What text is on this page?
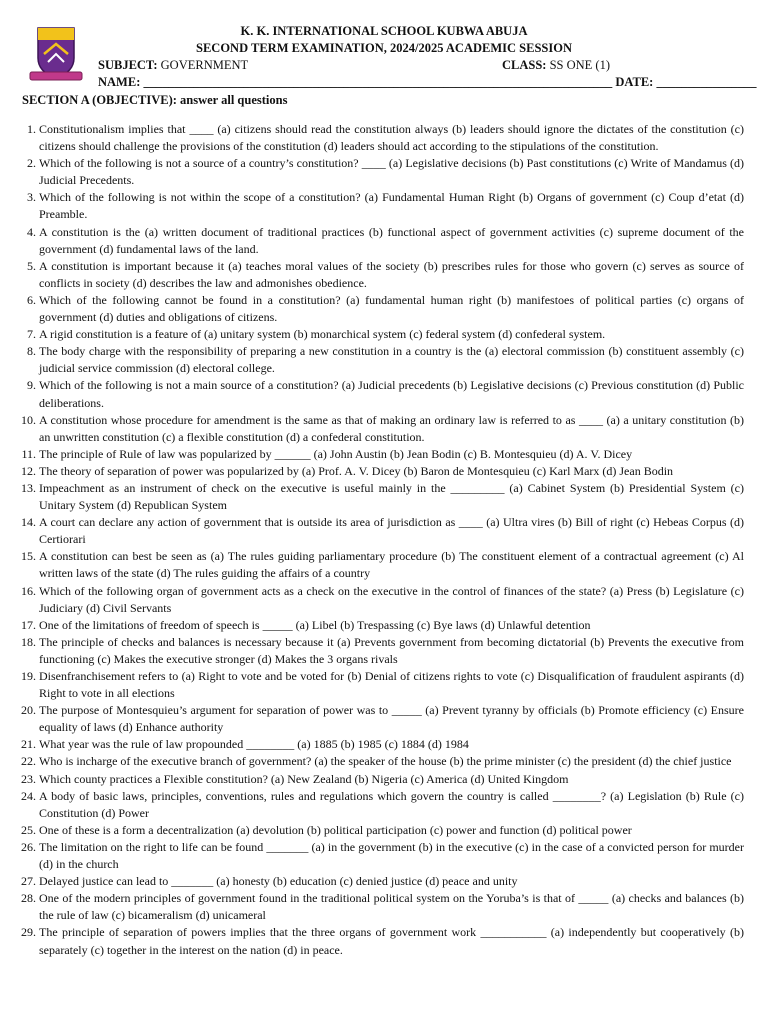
K. K. INTERNATIONAL SCHOOL KUBWA ABUJA
SECOND TERM EXAMINATION, 2024/2025 ACADEMIC SESSION
SUBJECT: GOVERNMENT	CLASS: SS ONE (1)
NAME: ___________________________________________________________________________ DATE: ________________
SECTION A (OBJECTIVE): answer all questions
1. Constitutionalism implies that ____ (a) citizens should read the constitution always (b) leaders should ignore the dictates of the constitution (c) citizens should challenge the provisions of the constitution (d) leaders should act according to the stipulations of the constitution.
2. Which of the following is not a source of a country’s constitution? ____ (a) Legislative decisions (b) Past constitutions (c) Write of Mandamus (d) Judicial Precedents.
3. Which of the following is not within the scope of a constitution? (a) Fundamental Human Right (b) Organs of government (c) Coup d’etat (d) Preamble.
4. A constitution is the (a) written document of traditional practices (b) functional aspect of government activities (c) supreme document of the government (d) fundamental laws of the land.
5. A constitution is important because it (a) teaches moral values of the society (b) prescribes rules for those who govern (c) serves as source of conflicts in society (d) describes the law and admonishes obedience.
6. Which of the following cannot be found in a constitution? (a) fundamental human right (b) manifestoes of political parties (c) organs of government (d) duties and obligations of citizens.
7. A rigid constitution is a feature of (a) unitary system (b) monarchical system (c) federal system (d) confederal system.
8. The body charge with the responsibility of preparing a new constitution in a country is the (a) electoral commission (b) constituent assembly (c) judicial service commission (d) electoral college.
9. Which of the following is not a main source of a constitution? (a) Judicial precedents (b) Legislative decisions (c) Previous constitution (d) Public deliberations.
10. A constitution whose procedure for amendment is the same as that of making an ordinary law is referred to as ____ (a) a unitary constitution (b) an unwritten constitution (c) a flexible constitution (d) a confederal constitution.
11. The principle of Rule of law was popularized by ______ (a) John Austin (b) Jean Bodin (c) B. Montesquieu (d) A. V. Dicey
12. The theory of separation of power was popularized by (a) Prof. A. V. Dicey (b) Baron de Montesquieu (c) Karl Marx (d) Jean Bodin
13. Impeachment as an instrument of check on the executive is useful mainly in the _________ (a) Cabinet System (b) Presidential System (c) Unitary System (d) Republican System
14. A court can declare any action of government that is outside its area of jurisdiction as ____ (a) Ultra vires (b) Bill of right (c) Hebeas Corpus (d) Certiorari
15. A constitution can best be seen as (a) The rules guiding parliamentary procedure (b) The constituent element of a contractual agreement (c) Al written laws of the state (d) The rules guiding the affairs of a country
16. Which of the following organ of government acts as a check on the executive in the control of finances of the state? (a) Press (b) Legislature (c) Judiciary (d) Civil Servants
17. One of the limitations of freedom of speech is _____ (a) Libel (b) Trespassing (c) Bye laws (d) Unlawful detention
18. The principle of checks and balances is necessary because it (a) Prevents government from becoming dictatorial (b) Prevents the executive from functioning (c) Makes the executive stronger (d) Makes the 3 organs rivals
19. Disenfranchisement refers to (a) Right to vote and be voted for (b) Denial of citizens rights to vote (c) Disqualification of fraudulent aspirants (d) Right to vote in all elections
20. The purpose of Montesquieu’s argument for separation of power was to _____ (a) Prevent tyranny by officials (b) Promote efficiency (c) Ensure equality of laws (d) Enhance authority
21. What year was the rule of law propounded ________ (a) 1885 (b) 1985 (c) 1884 (d) 1984
22. Who is incharge of the executive branch of government? (a) the speaker of the house (b) the prime minister (c) the president (d) the chief justice
23. Which county practices a Flexible constitution? (a) New Zealand (b) Nigeria (c) America (d) United Kingdom
24. A body of basic laws, principles, conventions, rules and regulations which govern the country is called ________? (a) Legislation (b) Rule (c) Constitution (d) Power
25. One of these is a form a decentralization (a) devolution (b) political participation (c) power and function (d) political power
26. The limitation on the right to life can be found _______ (a) in the government (b) in the executive (c) in the case of a convicted person for murder (d) in the church
27. Delayed justice can lead to _______ (a) honesty (b) education (c) denied justice (d) peace and unity
28. One of the modern principles of government found in the traditional political system on the Yoruba’s is that of _____ (a) checks and balances (b) the rule of law (c) bicameralism (d) unicameral
29. The principle of separation of powers implies that the three organs of government work ___________ (a) independently but cooperatively (b) separately (c) together in the interest on the nation (d) in peace.
